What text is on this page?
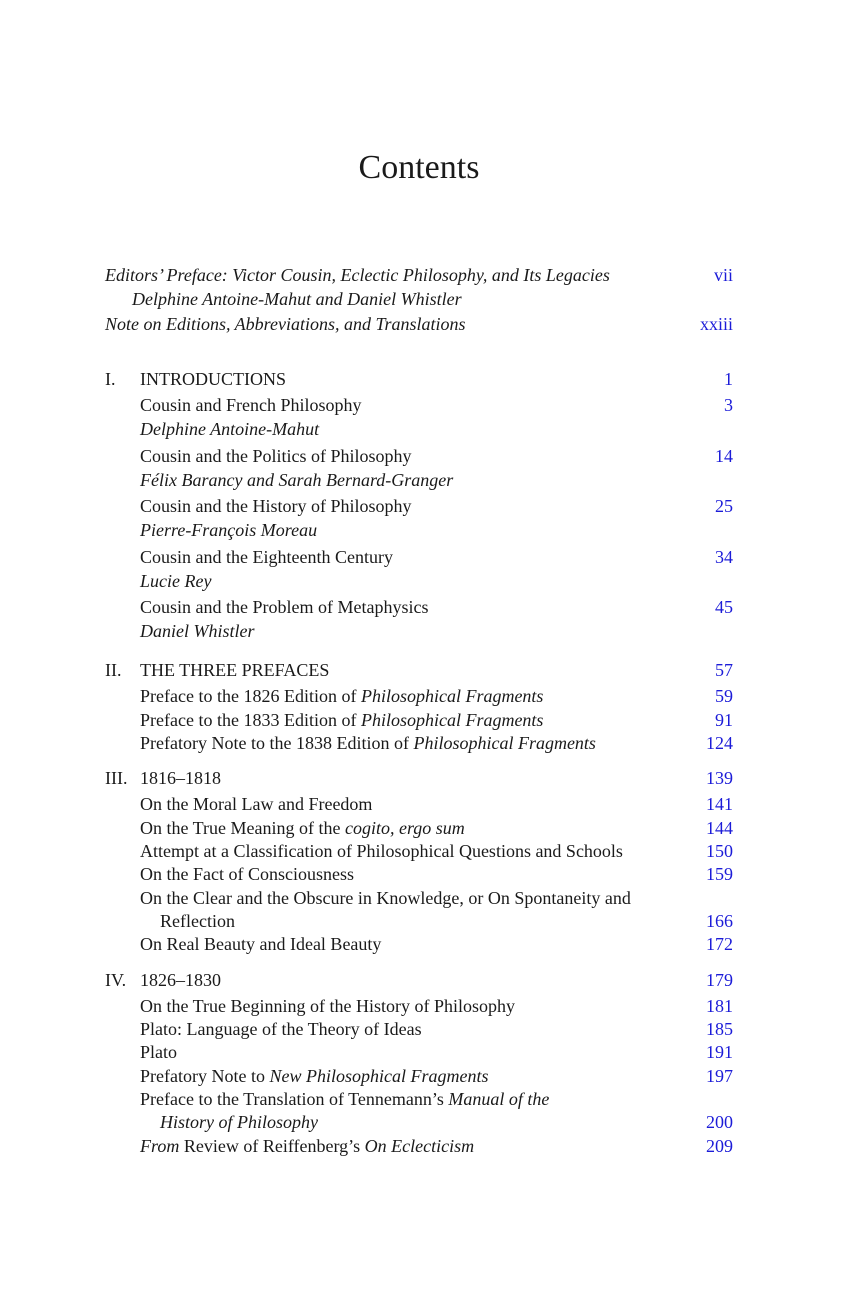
Contents
Editors’ Preface: Victor Cousin, Eclectic Philosophy, and Its Legacies	vii
Delphine Antoine-Mahut and Daniel Whistler
Note on Editions, Abbreviations, and Translations	xxiii
I. INTRODUCTIONS	1
Cousin and French Philosophy	3
Delphine Antoine-Mahut
Cousin and the Politics of Philosophy	14
Félix Barancy and Sarah Bernard-Granger
Cousin and the History of Philosophy	25
Pierre-François Moreau
Cousin and the Eighteenth Century	34
Lucie Rey
Cousin and the Problem of Metaphysics	45
Daniel Whistler
II. THE THREE PREFACES	57
Preface to the 1826 Edition of Philosophical Fragments	59
Preface to the 1833 Edition of Philosophical Fragments	91
Prefatory Note to the 1838 Edition of Philosophical Fragments	124
III. 1816–1818	139
On the Moral Law and Freedom	141
On the True Meaning of the cogito, ergo sum	144
Attempt at a Classification of Philosophical Questions and Schools	150
On the Fact of Consciousness	159
On the Clear and the Obscure in Knowledge, or On Spontaneity and
Reflection	166
On Real Beauty and Ideal Beauty	172
IV. 1826–1830	179
On the True Beginning of the History of Philosophy	181
Plato: Language of the Theory of Ideas	185
Plato	191
Prefatory Note to New Philosophical Fragments	197
Preface to the Translation of Tennemann’s Manual of the
History of Philosophy	200
From Review of Reiffenberg’s On Eclecticism	209
